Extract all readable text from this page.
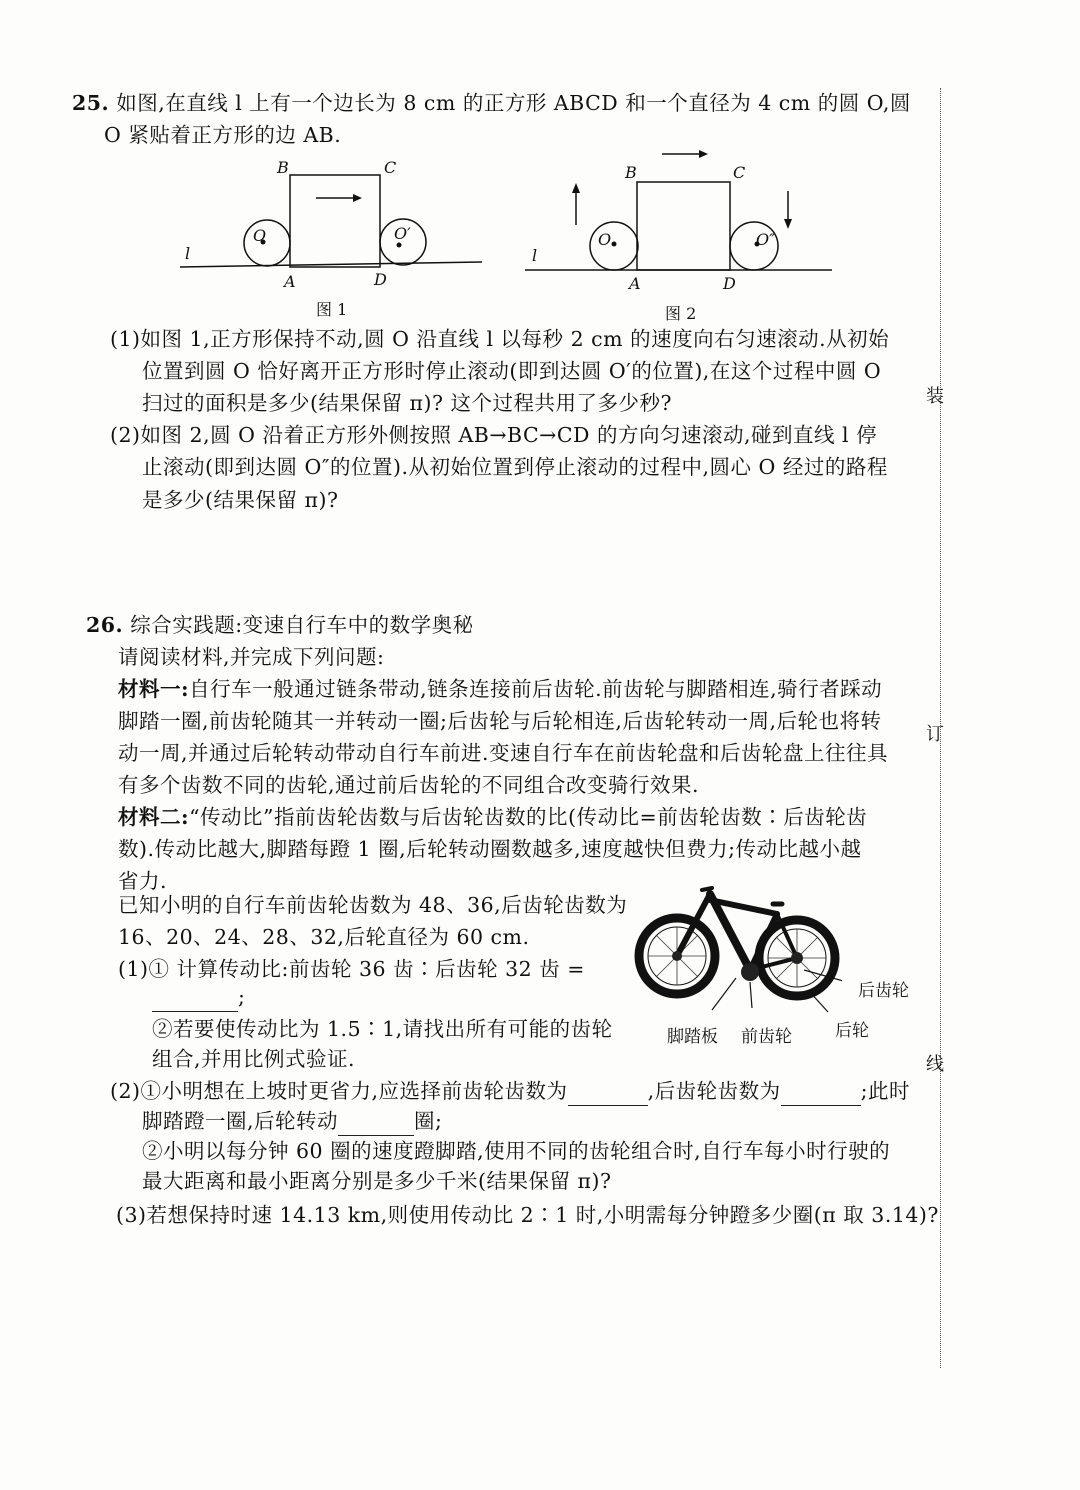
装
订
线
25. 如图,在直线 l 上有一个边长为 8 cm 的正方形 ABCD 和一个直径为 4 cm 的圆 O,圆
O 紧贴着正方形的边 AB.
B	C
A	D
l
O	O′
图 1
B	C
A	D
l
O	O″
图 2
(1)如图 1,正方形保持不动,圆 O 沿直线 l 以每秒 2 cm 的速度向右匀速滚动.从初始
位置到圆 O 恰好离开正方形时停止滚动(即到达圆 O′的位置),在这个过程中圆 O
扫过的面积是多少(结果保留 π)? 这个过程共用了多少秒?
(2)如图 2,圆 O 沿着正方形外侧按照 AB→BC→CD 的方向匀速滚动,碰到直线 l 停
止滚动(即到达圆 O″的位置).从初始位置到停止滚动的过程中,圆心 O 经过的路程
是多少(结果保留 π)?
26. 综合实践题:变速自行车中的数学奥秘
请阅读材料,并完成下列问题:
材料一:自行车一般通过链条带动,链条连接前后齿轮.前齿轮与脚踏相连,骑行者踩动
脚踏一圈,前齿轮随其一并转动一圈;后齿轮与后轮相连,后齿轮转动一周,后轮也将转
动一周,并通过后轮转动带动自行车前进.变速自行车在前齿轮盘和后齿轮盘上往往具
有多个齿数不同的齿轮,通过前后齿轮的不同组合改变骑行效果.
材料二:“传动比”指前齿轮齿数与后齿轮齿数的比(传动比=前齿轮齿数∶后齿轮齿
数).传动比越大,脚踏每蹬 1 圈,后轮转动圈数越多,速度越快但费力;传动比越小越
省力.
已知小明的自行车前齿轮齿数为 48、36,后齿轮齿数为
16、20、24、28、32,后轮直径为 60 cm.
(1)① 计算传动比:前齿轮 36 齿∶后齿轮 32 齿 =
;
②若要使传动比为 1.5∶1,请找出所有可能的齿轮
组合,并用比例式验证.
(2)①小明想在上坡时更省力,应选择前齿轮齿数为	,后齿轮齿数为	;此时
脚踏蹬一圈,后轮转动	圈;
②小明以每分钟 60 圈的速度蹬脚踏,使用不同的齿轮组合时,自行车每小时行驶的
最大距离和最小距离分别是多少千米(结果保留 π)?
(3)若想保持时速 14.13 km,则使用传动比 2∶1 时,小明需每分钟蹬多少圈(π 取 3.14)?
后齿轮
脚踏板 前齿轮	后轮
